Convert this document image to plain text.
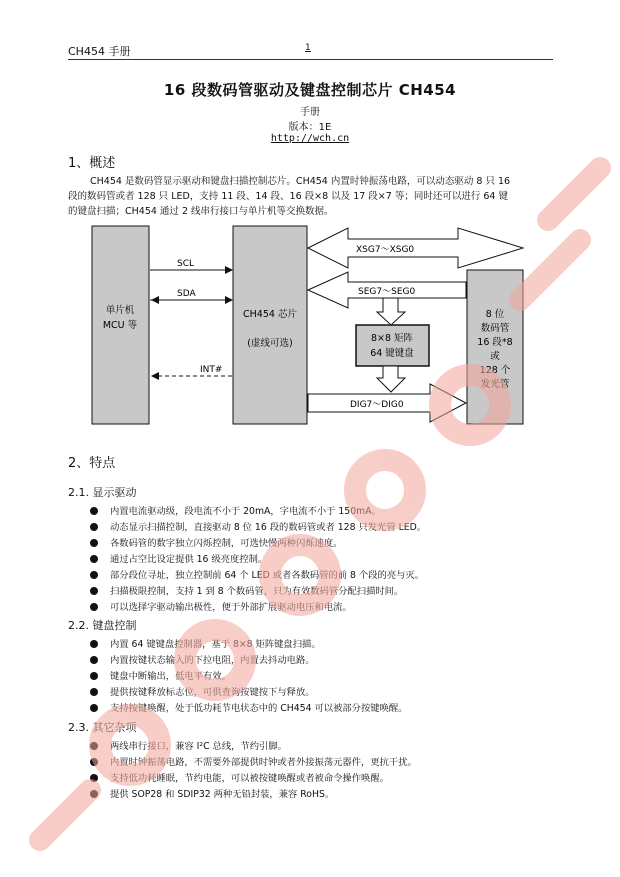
CH454 手册	1
16 段数码管驱动及键盘控制芯片 CH454
手册
版本：1E
http://wch.cn
1、概述
CH454 是数码管显示驱动和键盘扫描控制芯片。CH454 内置时钟振荡电路，可以动态驱动 8 只 16
段的数码管或者 128 只 LED，支持 11 段、14 段、16 段×8 以及 17 段×7 等；同时还可以进行 64 键
的键盘扫描；CH454 通过 2 线串行接口与单片机等交换数据。
单片机
MCU 等
CH454 芯片
(虚线可选)
8 位
数码管
16 段*8
或
128 个
发光管
8×8 矩阵
64 键键盘
SCL
SDA
INT#
XSG7～XSG0
SEG7～SEG0
DIG7～DIG0
2、特点
2.1. 显示驱动
内置电流驱动级，段电流不小于 20mA，字电流不小于 150mA。
动态显示扫描控制，直接驱动 8 位 16 段的数码管或者 128 只发光管 LED。
各数码管的数字独立闪烁控制，可选快慢两种闪烁速度。
通过占空比设定提供 16 级亮度控制。
部分段位寻址，独立控制前 64 个 LED 或者各数码管的前 8 个段的亮与灭。
扫描极限控制，支持 1 到 8 个数码管，只为有效数码管分配扫描时间。
可以选择字驱动输出极性，便于外部扩展驱动电压和电流。
2.2. 键盘控制
内置 64 键键盘控制器，基于 8×8 矩阵键盘扫描。
内置按键状态输入的下拉电阻，内置去抖动电路。
键盘中断输出，低电平有效。
提供按键释放标志位，可供查询按键按下与释放。
支持按键唤醒，处于低功耗节电状态中的 CH454 可以被部分按键唤醒。
2.3. 其它杂项
两线串行接口，兼容 I²C 总线，节约引脚。
内置时钟振荡电路，不需要外部提供时钟或者外接振荡元器件，更抗干扰。
支持低功耗睡眠，节约电能，可以被按键唤醒或者被命令操作唤醒。
提供 SOP28 和 SDIP32 两种无铅封装，兼容 RoHS。
